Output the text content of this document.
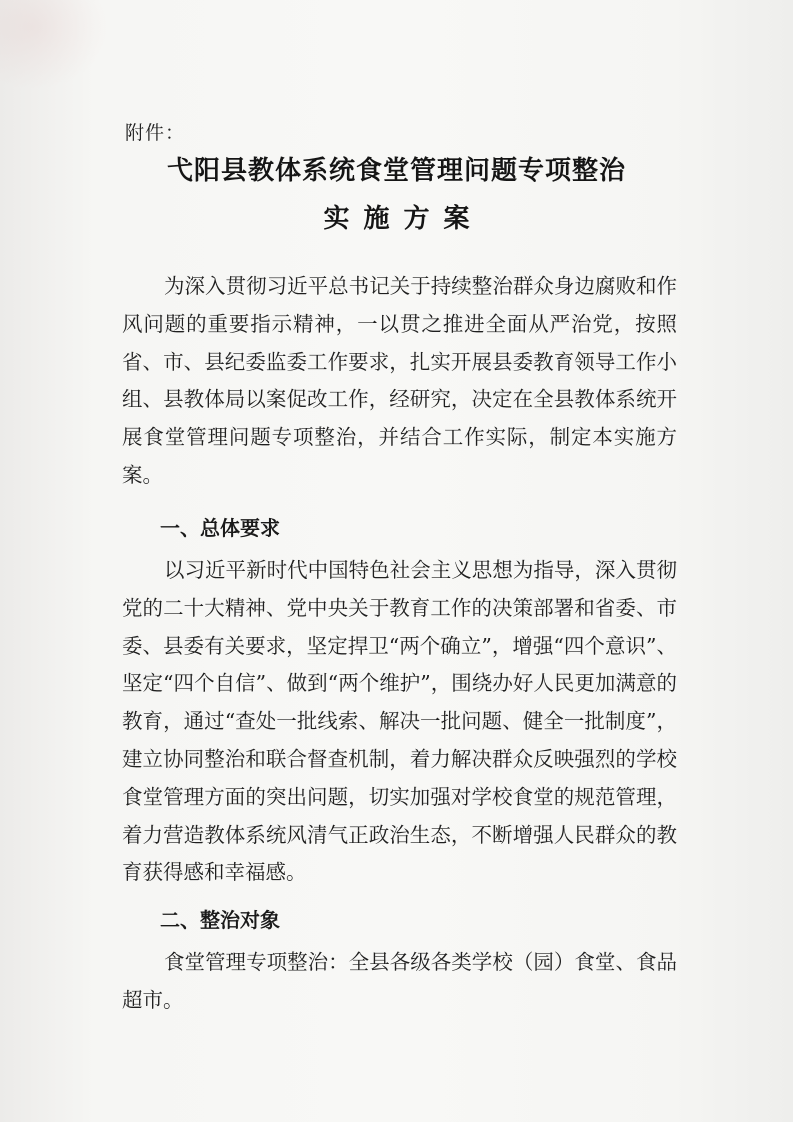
附件：
弋阳县教体系统食堂管理问题专项整治
实施方案
为深入贯彻习近平总书记关于持续整治群众身边腐败和作风问题的重要指示精神，一以贯之推进全面从严治党，按照省、市、县纪委监委工作要求，扎实开展县委教育领导工作小组、县教体局以案促改工作，经研究，决定在全县教体系统开展食堂管理问题专项整治，并结合工作实际，制定本实施方案。
一、总体要求
以习近平新时代中国特色社会主义思想为指导，深入贯彻党的二十大精神、党中央关于教育工作的决策部署和省委、市委、县委有关要求，坚定捍卫“两个确立”，增强“四个意识”、坚定“四个自信”、做到“两个维护”，围绕办好人民更加满意的教育，通过“查处一批线索、解决一批问题、健全一批制度”，建立协同整治和联合督查机制，着力解决群众反映强烈的学校食堂管理方面的突出问题，切实加强对学校食堂的规范管理，着力营造教体系统风清气正政治生态，不断增强人民群众的教育获得感和幸福感。
二、整治对象
食堂管理专项整治：全县各级各类学校（园）食堂、食品超市。
